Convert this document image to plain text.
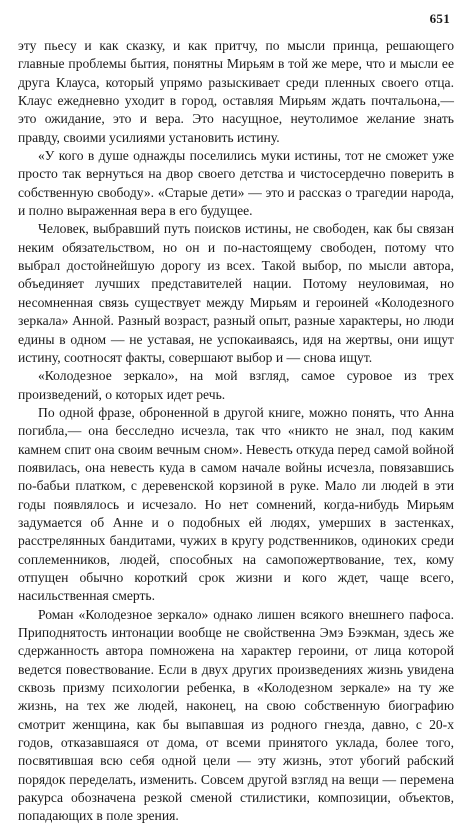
651

эту пьесу и как сказку, и как притчу, по мысли принца, решающего главные проблемы бытия, понятны Мирьям в той же мере, что и мысли ее друга Клауса, который упрямо разыскивает среди пленных своего отца. Клаус ежедневно уходит в город, оставляя Мирьям ждать почтальона,— это ожидание, это и вера. Это насущное, неутолимое желание знать правду, своими усилиями установить истину.

«У кого в душе однажды поселились муки истины, тот не сможет уже просто так вернуться на двор своего детства и чистосердечно поверить в собственную свободу». «Старые дети» — это и рассказ о трагедии народа, и полно выраженная вера в его будущее.

Человек, выбравший путь поисков истины, не свободен, как бы связан неким обязательством, но он и по-настоящему свободен, потому что выбрал достойнейшую дорогу из всех. Такой выбор, по мысли автора, объединяет лучших представителей нации. Потому неуловимая, но несомненная связь существует между Мирьям и героиней «Колодезного зеркала» Анной. Разный возраст, разный опыт, разные характеры, но люди едины в одном — не уставая, не успокаиваясь, идя на жертвы, они ищут истину, соотносят факты, совершают выбор и — снова ищут.

«Колодезное зеркало», на мой взгляд, самое суровое из трех произведений, о которых идет речь.

По одной фразе, оброненной в другой книге, можно понять, что Анна погибла,— она бесследно исчезла, так что «никто не знал, под каким камнем спит она своим вечным сном». Невесть откуда перед самой войной появилась, она невесть куда в самом начале войны исчезла, повязавшись по-бабьи платком, с деревенской корзиной в руке. Мало ли людей в эти годы появлялось и исчезало. Но нет сомнений, когда-нибудь Мирьям задумается об Анне и о подобных ей людях, умерших в застенках, расстрелянных бандитами, чужих в кругу родственников, одиноких среди соплеменников, людей, способных на самопожертвование, тех, кому отпущен обычно короткий срок жизни и кого ждет, чаще всего, насильственная смерть.

Роман «Колодезное зеркало» однако лишен всякого внешнего пафоса. Приподнятость интонации вообще не свойственна Эмэ Бээкман, здесь же сдержанность автора помножена на характер героини, от лица которой ведется повествование. Если в двух других произведениях жизнь увидена сквозь призму психологии ребенка, в «Колодезном зеркале» на ту же жизнь, на тех же людей, наконец, на свою собственную биографию смотрит женщина, как бы выпавшая из родного гнезда, давно, с 20-х годов, отказавшаяся от дома, от всеми принятого уклада, более того, посвятившая всю себя одной цели — эту жизнь, этот убогий рабский порядок переделать, изменить. Совсем другой взгляд на вещи — перемена ракурса обозначена резкой сменой стилистики, композиции, объектов, попадающих в поле зрения.
